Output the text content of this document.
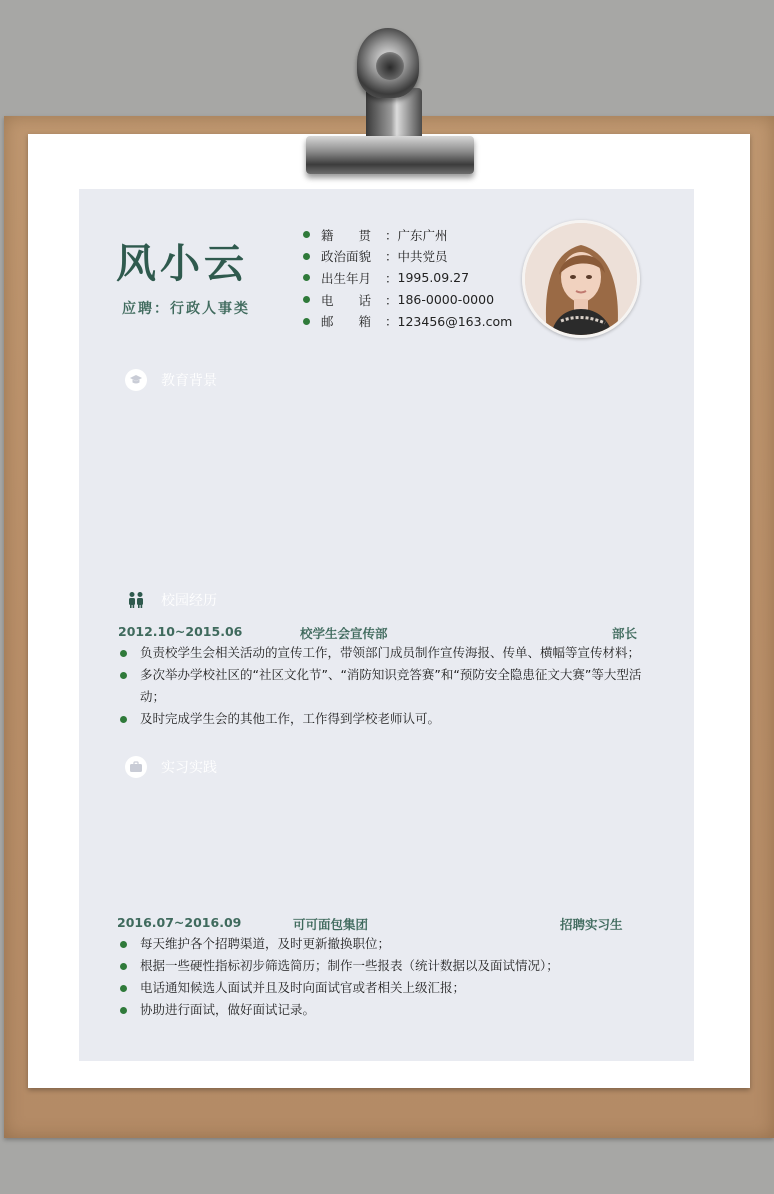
风小云
应聘：行政人事类
籍　　贯	： 广东广州
政治面貌	： 中共党员
出生年月	： 1995.09.27
电　　话	： 186-0000-0000
邮　　箱	： 123456@163.com
教育背景
校园经历
2012.10~2015.06	校学生会宣传部	部长
负责校学生会相关活动的宣传工作，带领部门成员制作宣传海报、传单、横幅等宣传材料；
多次举办学校社区的“社区文化节”、“消防知识竞答赛”和“预防安全隐患征文大赛”等大型活动；
及时完成学生会的其他工作，工作得到学校老师认可。
实习实践
2016.07~2016.09	可可面包集团	招聘实习生
每天维护各个招聘渠道，及时更新撤换职位；
根据一些硬性指标初步筛选简历；制作一些报表（统计数据以及面试情况）；
电话通知候选人面试并且及时向面试官或者相关上级汇报；
协助进行面试，做好面试记录。
